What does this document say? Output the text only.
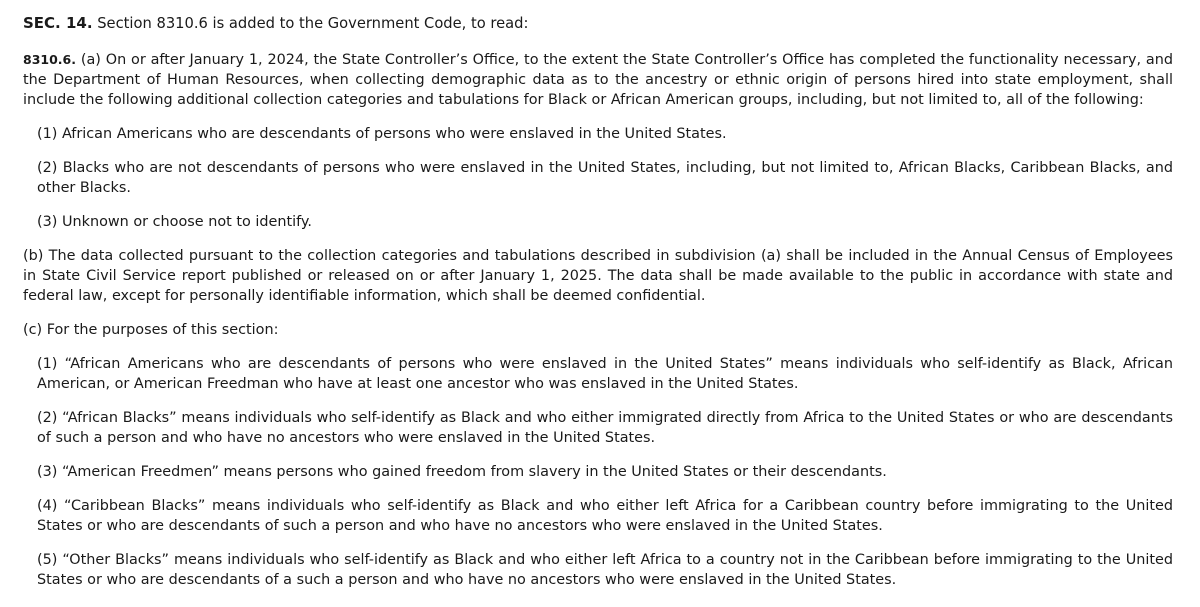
SEC. 14. Section 8310.6 is added to the Government Code, to read:

8310.6. (a) On or after January 1, 2024, the State Controller’s Office, to the extent the State Controller’s Office has completed the functionality necessary, and the Department of Human Resources, when collecting demographic data as to the ancestry or ethnic origin of persons hired into state employment, shall include the following additional collection categories and tabulations for Black or African American groups, including, but not limited to, all of the following:

(1) African Americans who are descendants of persons who were enslaved in the United States.

(2) Blacks who are not descendants of persons who were enslaved in the United States, including, but not limited to, African Blacks, Caribbean Blacks, and other Blacks.

(3) Unknown or choose not to identify.

(b) The data collected pursuant to the collection categories and tabulations described in subdivision (a) shall be included in the Annual Census of Employees in State Civil Service report published or released on or after January 1, 2025. The data shall be made available to the public in accordance with state and federal law, except for personally identifiable information, which shall be deemed confidential.

(c) For the purposes of this section:

(1) “African Americans who are descendants of persons who were enslaved in the United States” means individuals who self-identify as Black, African American, or American Freedman who have at least one ancestor who was enslaved in the United States.

(2) “African Blacks” means individuals who self-identify as Black and who either immigrated directly from Africa to the United States or who are descendants of such a person and who have no ancestors who were enslaved in the United States.

(3) “American Freedmen” means persons who gained freedom from slavery in the United States or their descendants.

(4) “Caribbean Blacks” means individuals who self-identify as Black and who either left Africa for a Caribbean country before immigrating to the United States or who are descendants of such a person and who have no ancestors who were enslaved in the United States.

(5) “Other Blacks” means individuals who self-identify as Black and who either left Africa to a country not in the Caribbean before immigrating to the United States or who are descendants of a such a person and who have no ancestors who were enslaved in the United States.
